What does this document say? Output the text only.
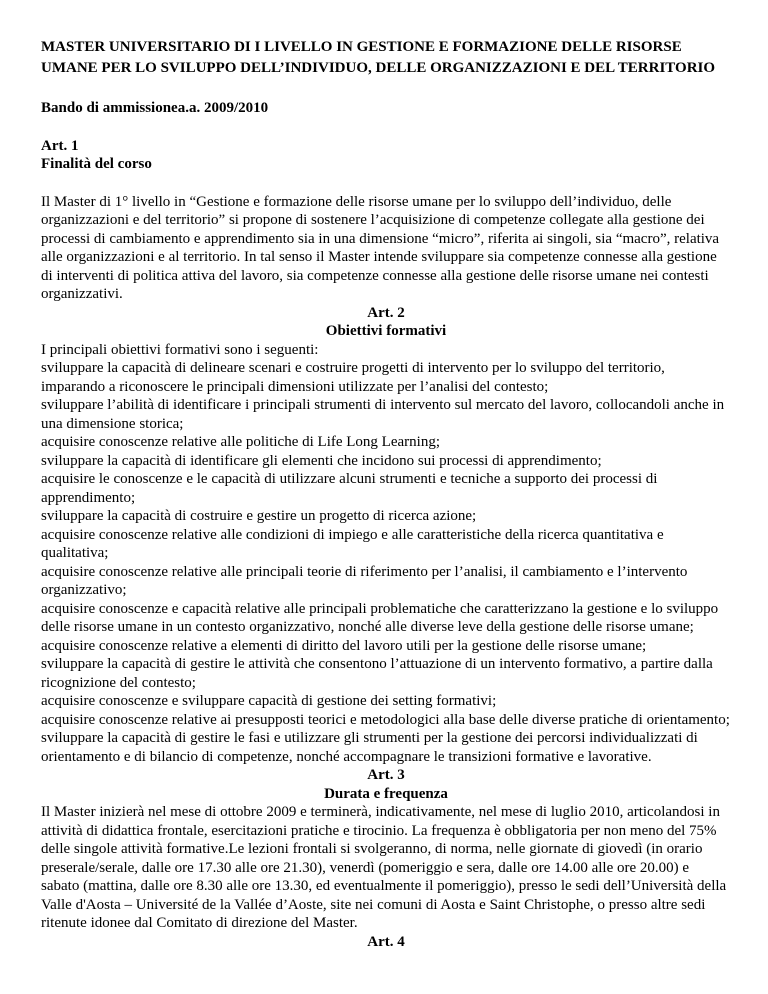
MASTER UNIVERSITARIO DI I LIVELLO IN GESTIONE E FORMAZIONE DELLE RISORSE
UMANE PER LO SVILUPPO DELL’INDIVIDUO, DELLE ORGANIZZAZIONI E DEL TERRITORIO

Bando di ammissionea.a. 2009/2010

Art. 1
Finalità del corso

Il Master di 1° livello in “Gestione e formazione delle risorse umane per lo sviluppo dell’individuo, delle organizzazioni e del territorio” si propone di sostenere l’acquisizione di competenze collegate alla gestione dei processi di cambiamento e apprendimento sia in una dimensione “micro”, riferita ai singoli, sia “macro”, relativa alle organizzazioni e al territorio. In tal senso il Master intende sviluppare sia competenze connesse alla gestione di interventi di politica attiva del lavoro, sia competenze connesse alla gestione delle risorse umane nei contesti organizzativi.

Art. 2

Obiettivi formativi

I principali obiettivi formativi sono i seguenti:

sviluppare la capacità di delineare scenari e costruire progetti di intervento per lo sviluppo del territorio, imparando a riconoscere le principali dimensioni utilizzate per l’analisi del contesto;

sviluppare l’abilità di identificare i principali strumenti di intervento sul mercato del lavoro, collocandoli anche in una dimensione storica;

acquisire conoscenze relative alle politiche di Life Long Learning;

sviluppare la capacità di identificare gli elementi che incidono sui processi di apprendimento;

acquisire le conoscenze e le capacità di utilizzare alcuni strumenti e tecniche a supporto dei processi di apprendimento;

sviluppare la capacità di costruire e gestire un progetto di ricerca azione;

acquisire conoscenze relative alle condizioni di impiego e alle caratteristiche della ricerca quantitativa e qualitativa;

acquisire conoscenze relative alle principali teorie di riferimento per l’analisi, il cambiamento e l’intervento organizzativo;

acquisire conoscenze e capacità relative alle principali problematiche che caratterizzano la gestione e lo sviluppo delle risorse umane in un contesto organizzativo, nonché alle diverse leve della gestione delle risorse umane;

acquisire conoscenze relative a elementi di diritto del lavoro utili per la gestione delle risorse umane;

sviluppare la capacità di gestire le attività che consentono l’attuazione di un intervento formativo, a partire dalla ricognizione del contesto;

acquisire conoscenze e sviluppare capacità di gestione dei setting formativi;

acquisire conoscenze relative ai presupposti teorici e metodologici alla base delle diverse pratiche di orientamento;

sviluppare la capacità di gestire le fasi e utilizzare gli strumenti per la gestione dei percorsi individualizzati di orientamento e di bilancio di competenze, nonché accompagnare le transizioni formative e lavorative.

Art. 3

Durata e frequenza

Il Master inizierà nel mese di ottobre 2009 e terminerà, indicativamente, nel mese di luglio 2010, articolandosi in attività di didattica frontale, esercitazioni pratiche e tirocinio. La frequenza è obbligatoria per non meno del 75% delle singole attività formative.Le lezioni frontali si svolgeranno, di norma, nelle giornate di giovedì (in orario preserale/serale, dalle ore 17.30 alle ore 21.30), venerdì (pomeriggio e sera, dalle ore 14.00 alle ore 20.00) e sabato (mattina, dalle ore 8.30 alle ore 13.30, ed eventualmente il pomeriggio), presso le sedi dell’Università della Valle d'Aosta – Université de la Vallée d’Aoste, site nei comuni di Aosta e Saint Christophe, o presso altre sedi ritenute idonee dal Comitato di direzione del Master.

Art. 4
